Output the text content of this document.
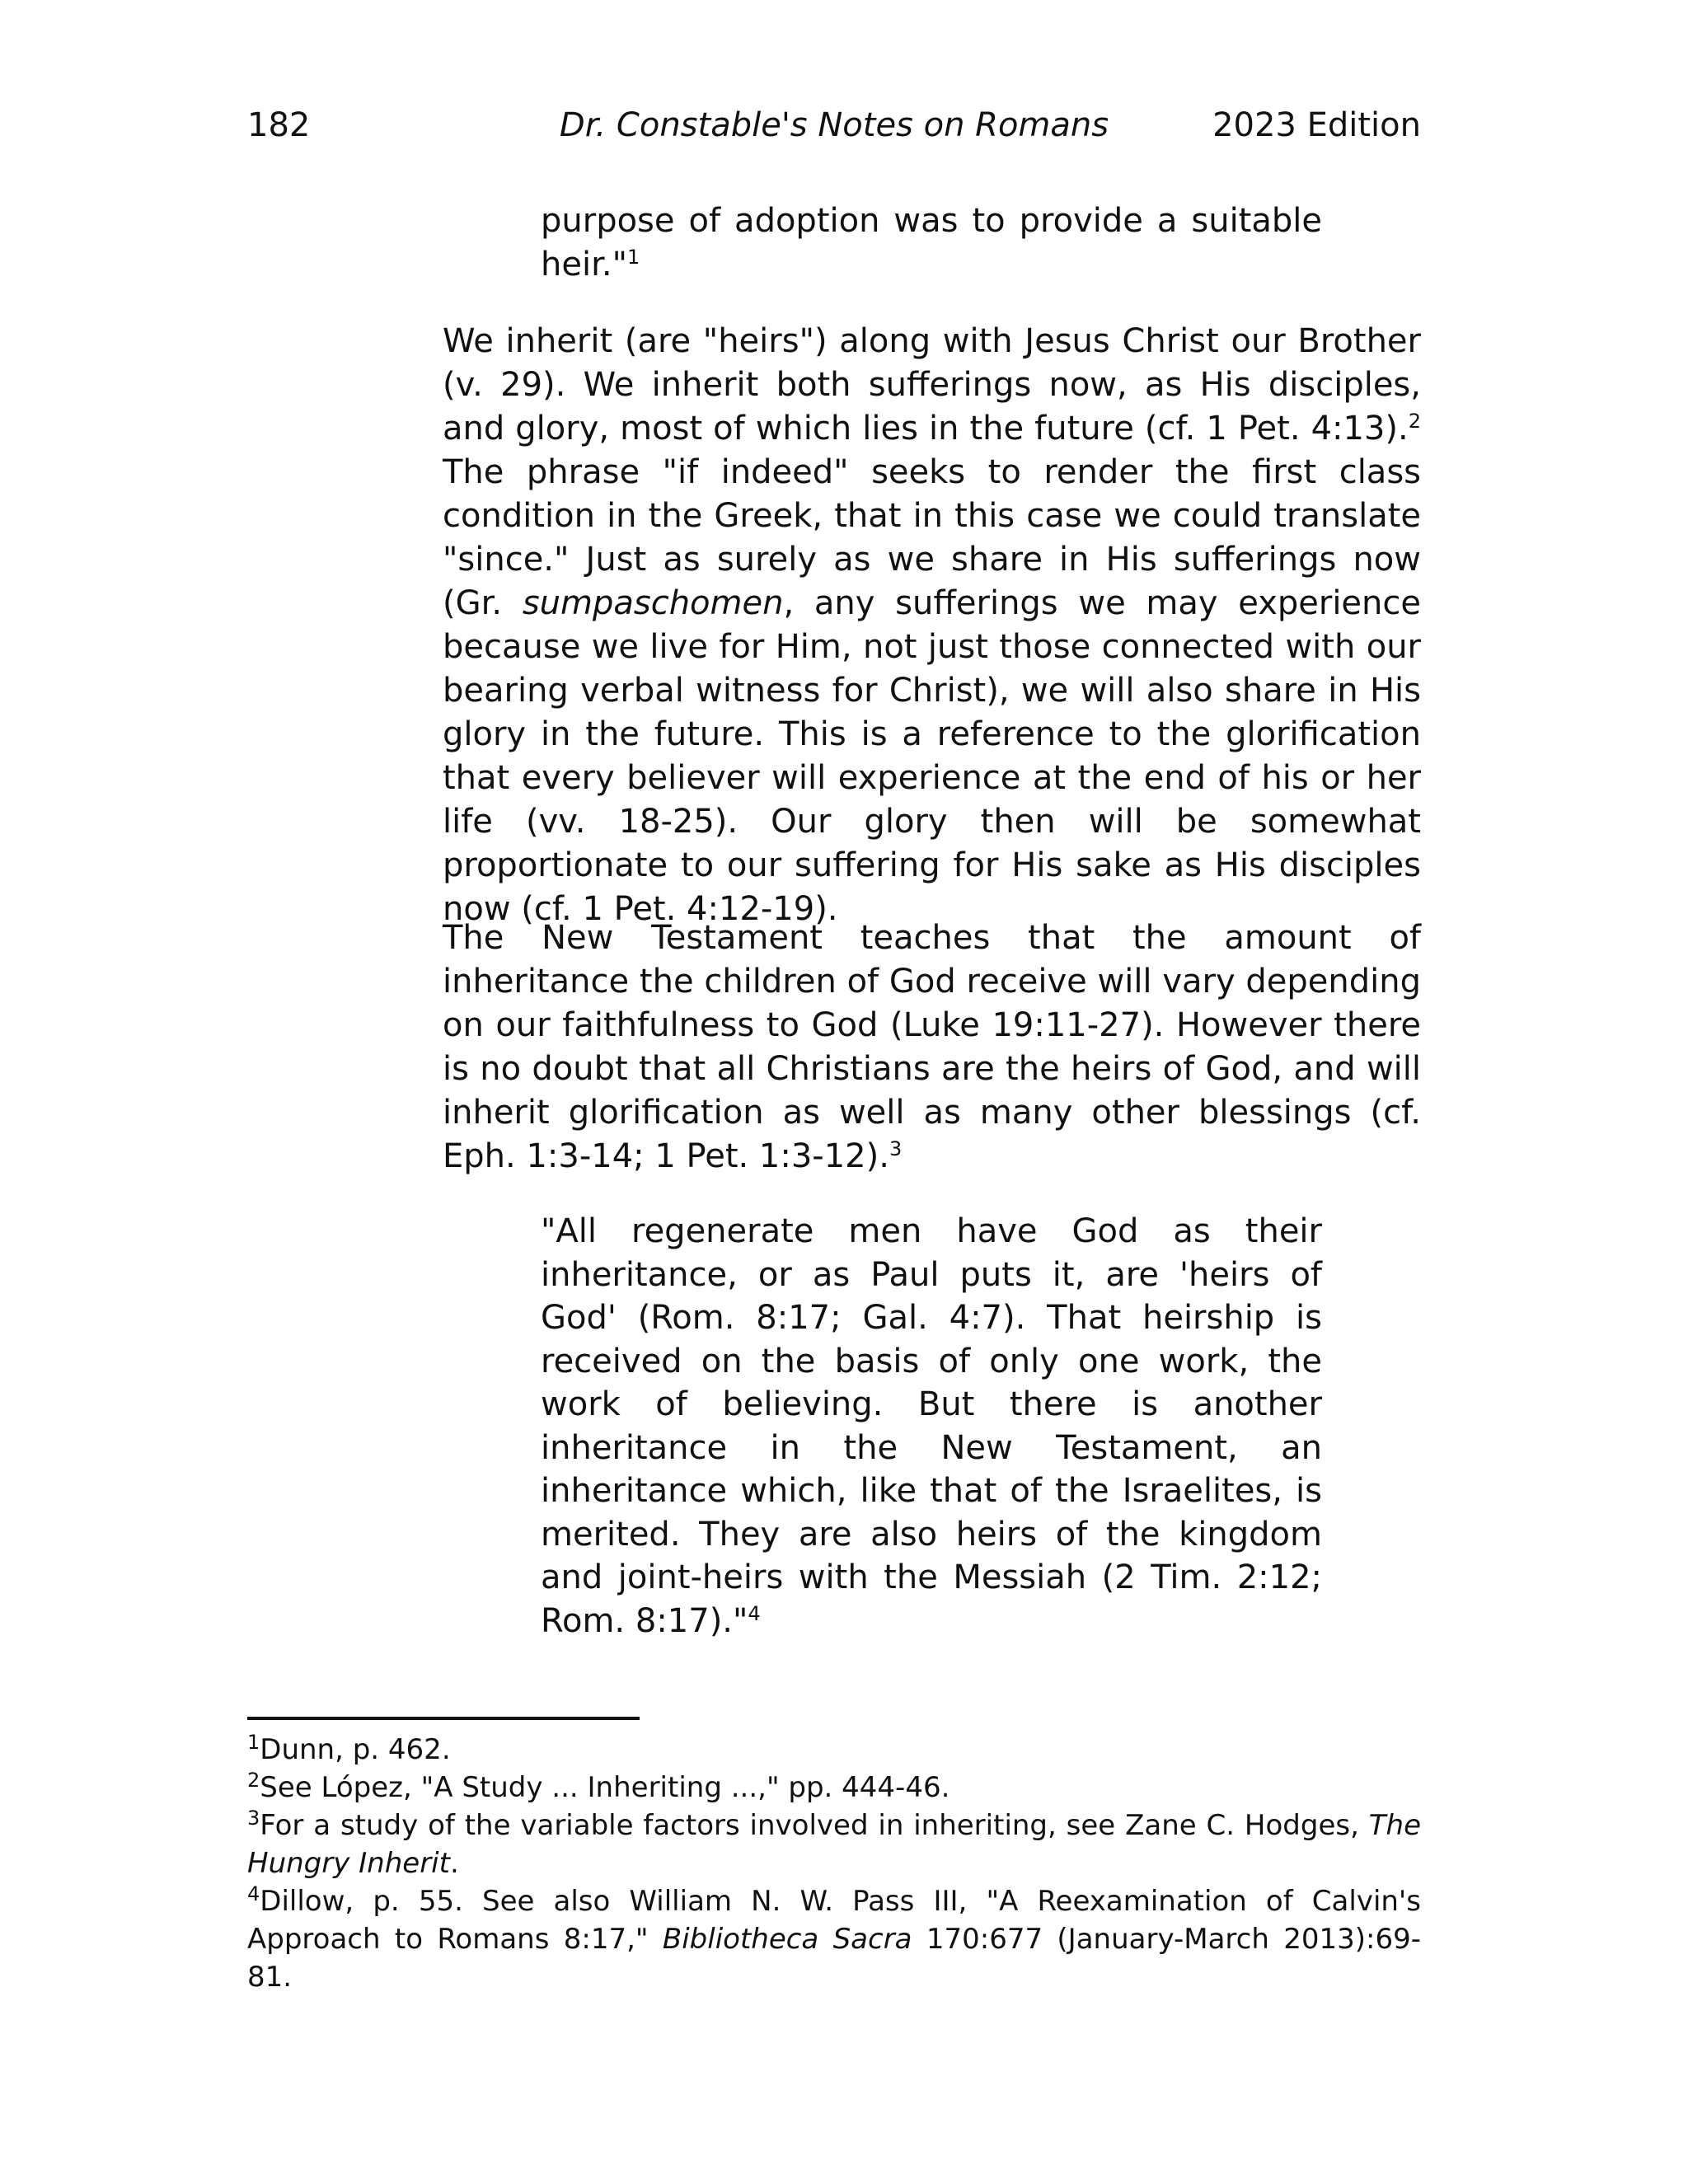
182	Dr. Constable's Notes on Romans	2023 Edition

purpose of adoption was to provide a suitable heir."$^1$

We inherit (are "heirs") along with Jesus Christ our Brother (v. 29). We inherit both sufferings now, as His disciples, and glory, most of which lies in the future (cf. 1 Pet. 4:13).$^2$ The phrase "if indeed" seeks to render the first class condition in the Greek, that in this case we could translate "since." Just as surely as we share in His sufferings now (Gr. sumpaschomen, any sufferings we may experience because we live for Him, not just those connected with our bearing verbal witness for Christ), we will also share in His glory in the future. This is a reference to the glorification that every believer will experience at the end of his or her life (vv. 18-25). Our glory then will be somewhat proportionate to our suffering for His sake as His disciples now (cf. 1 Pet. 4:12-19).

The New Testament teaches that the amount of inheritance the children of God receive will vary depending on our faithfulness to God (Luke 19:11-27). However there is no doubt that all Christians are the heirs of God, and will inherit glorification as well as many other blessings (cf. Eph. 1:3-14; 1 Pet. 1:3-12).$^3$

"All regenerate men have God as their inheritance, or as Paul puts it, are 'heirs of God' (Rom. 8:17; Gal. 4:7). That heirship is received on the basis of only one work, the work of believing. But there is another inheritance in the New Testament, an inheritance which, like that of the Israelites, is merited. They are also heirs of the kingdom and joint-heirs with the Messiah (2 Tim. 2:12; Rom. 8:17)."$^4$

$^1$Dunn, p. 462.

$^2$See López, "A Study ... Inheriting ...," pp. 444-46.

$^3$For a study of the variable factors involved in inheriting, see Zane C. Hodges, The Hungry Inherit.

$^4$Dillow, p. 55. See also William N. W. Pass III, "A Reexamination of Calvin's Approach to Romans 8:17," Bibliotheca Sacra 170:677 (January-March 2013):69-81.
